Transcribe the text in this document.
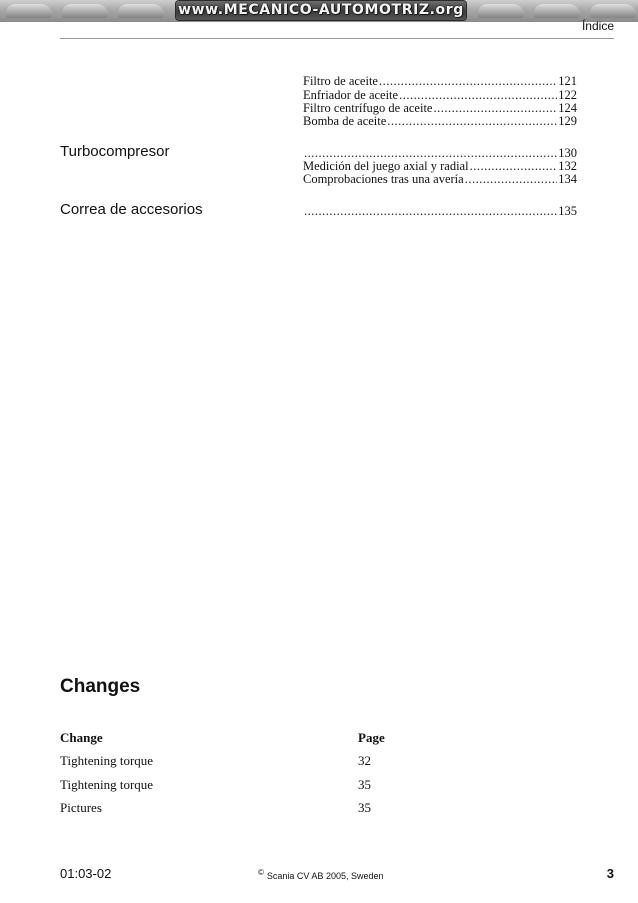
www.MECANICO-AUTOMOTRIZ.org
Índice
Filtro de aceite .....	121
Enfriador de aceite .....	122
Filtro centrífugo de aceite .....	124
Bomba de aceite .....	129
Turbocompresor .....	130
Medición del juego axial y radial .....	132
Comprobaciones tras una avería .....	134
Correa de accesorios .....	135
Changes
Change	Page
Tightening torque	32
Tightening torque	35
Pictures	35
01:03-02	© Scania CV AB 2005, Sweden	3
